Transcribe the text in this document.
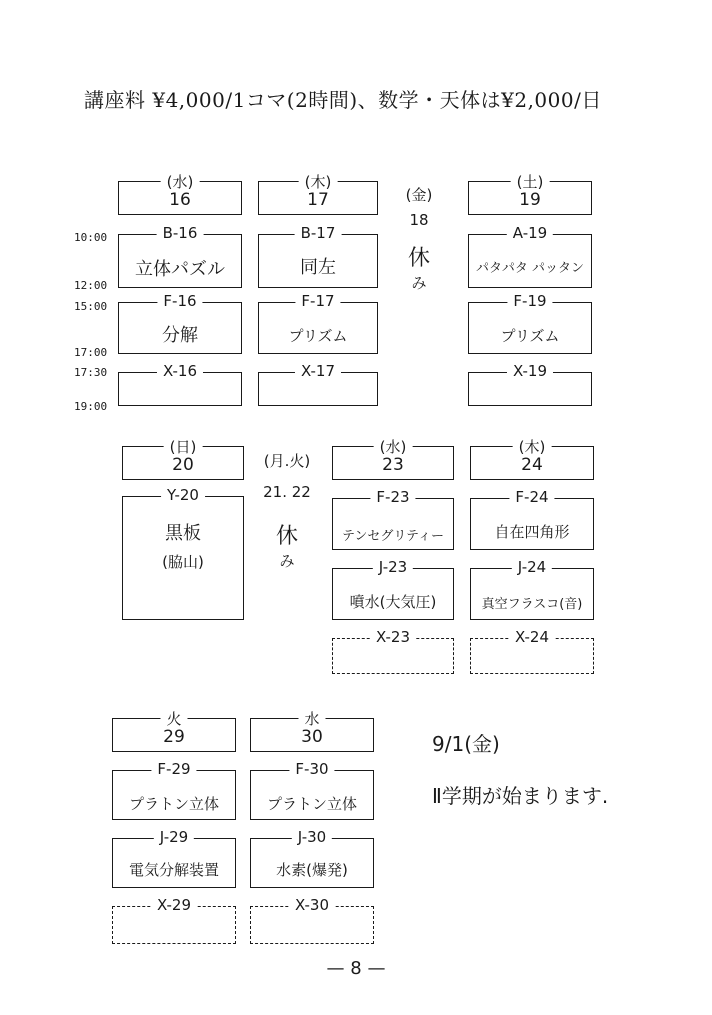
講座料 ¥4,000/1コマ(2時間)、数学・天体は¥2,000/日
10:00
12:00
15:00
17:00
17:30
19:00
(水)
16
B-16
立体パズル
F-16
分解
X-16
(木)
17
B-17
同左
F-17
プリズム
X-17
(金)
18
休
み
(土)
19
A-19
パタパタ パッタン
F-19
プリズム
X-19
(日)
20
Y-20
黒板
(脇山)
(月.火)
21. 22
休
み
(水)
23
F-23
テンセグリティー
J-23
噴水(大気圧)
X-23
(木)
24
F-24
自在四角形
J-24
真空フラスコ(音)
X-24
火
29
F-29
プラトン立体
J-29
電気分解装置
X-29
水
30
F-30
プラトン立体
J-30
水素(爆発)
X-30
9/1(金)
Ⅱ学期が始まります.
— 8 —
